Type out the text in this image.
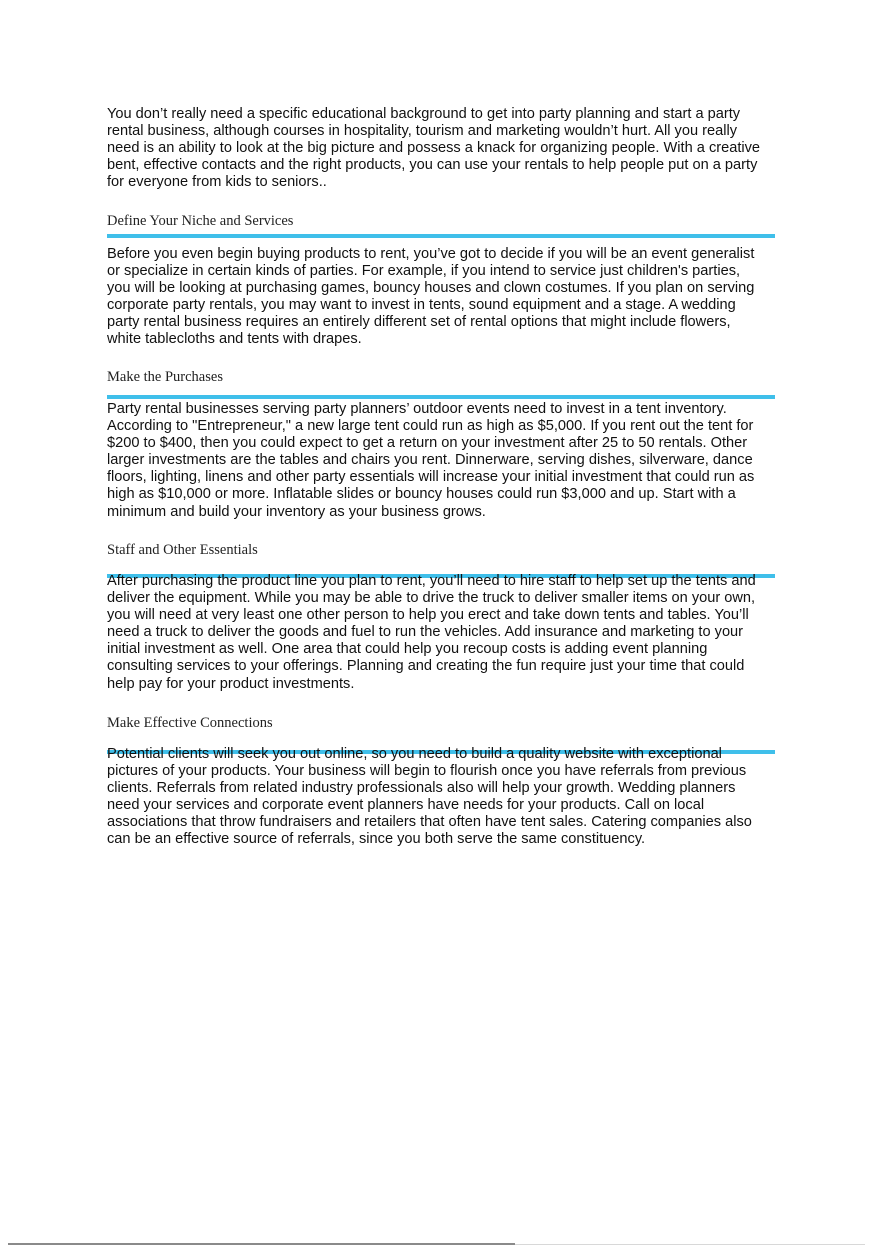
You don’t really need a specific educational background to get into party planning and start a party
rental business, although courses in hospitality, tourism and marketing wouldn’t hurt. All you really
need is an ability to look at the big picture and possess a knack for organizing people. With a creative
bent, effective contacts and the right products, you can use your rentals to help people put on a party
for everyone from kids to seniors..
Define Your Niche and Services
Before you even begin buying products to rent, you’ve got to decide if you will be an event generalist
or specialize in certain kinds of parties. For example, if you intend to service just children's parties,
you will be looking at purchasing games, bouncy houses and clown costumes. If you plan on serving
corporate party rentals, you may want to invest in tents, sound equipment and a stage. A wedding
party rental business requires an entirely different set of rental options that might include flowers,
white tablecloths and tents with drapes.
Make the Purchases
Party rental businesses serving party planners’ outdoor events need to invest in a tent inventory.
According to "Entrepreneur," a new large tent could run as high as $5,000. If you rent out the tent for
$200 to $400, then you could expect to get a return on your investment after 25 to 50 rentals. Other
larger investments are the tables and chairs you rent. Dinnerware, serving dishes, silverware, dance
floors, lighting, linens and other party essentials will increase your initial investment that could run as
high as $10,000 or more. Inflatable slides or bouncy houses could run $3,000 and up. Start with a
minimum and build your inventory as your business grows.
Staff and Other Essentials
After purchasing the product line you plan to rent, you’ll need to hire staff to help set up the tents and
deliver the equipment. While you may be able to drive the truck to deliver smaller items on your own,
you will need at very least one other person to help you erect and take down tents and tables. You’ll
need a truck to deliver the goods and fuel to run the vehicles. Add insurance and marketing to your
initial investment as well. One area that could help you recoup costs is adding event planning
consulting services to your offerings. Planning and creating the fun require just your time that could
help pay for your product investments.
Make Effective Connections
Potential clients will seek you out online, so you need to build a quality website with exceptional
pictures of your products. Your business will begin to flourish once you have referrals from previous
clients. Referrals from related industry professionals also will help your growth. Wedding planners
need your services and corporate event planners have needs for your products. Call on local
associations that throw fundraisers and retailers that often have tent sales. Catering companies also
can be an effective source of referrals, since you both serve the same constituency.
